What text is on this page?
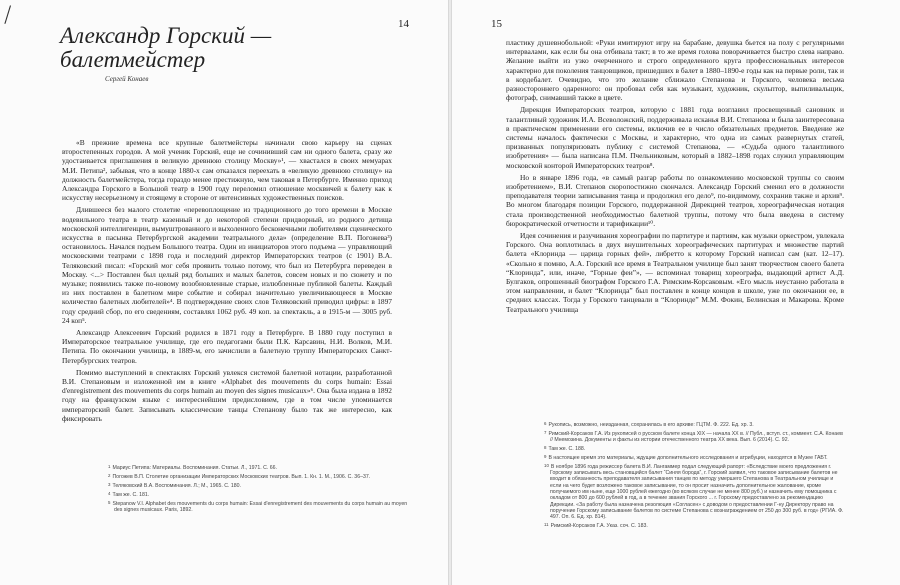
/	14
Александр Горский —
балетмейстер
Сергей Конаев

«В прежние времена все крупные балетмейстеры начинали свою карьеру на сценах второстепенных городов. А мой ученик Горский, еще не сочинивший сам ни одного балета, сразу же удостаивается приглашения в великую древнюю столицу Москву»¹, — хвастался в своих мемуарах М.И. Петипа², забывая, что в конце 1880-х сам отказался переехать в «великую древнюю столицу» на должность балетмейстера, тогда гораздо менее престижную, чем таковая в Петербурге. Именно приход Александра Горского в Большой театр в 1900 году переломил отношение москвичей к балету как к искусству несерьезному и стоящему в стороне от интенсивных художественных поисков.

Длившееся без малого столетие «перевоплощение из традиционного до того времени в Москве водевильного театра в театр казенный и до некоторой степени придворный, из родного детища московской интеллигенции, вымуштрованного и выхоленного бесконечными любителями сценического искусства в пасынка Петербургской академии театрального дела» (определение В.П. Погожева³) остановилось. Начался подъем Большого театра. Один из инициаторов этого подъема — управляющий московскими театрами с 1898 года и последний директор Императорских театров (с 1901) В.А. Теляковский писал: «Горский мог себя проявить только потому, что был из Петербурга переведен в Москву. <...> Поставлен был целый ряд больших и малых балетов, совсем новых и по сюжету и по музыке; появились также по-новому возобновленные старые, излюбленные публикой балеты. Каждый из них поставлен в балетном мире событие и собирал значительно увеличивающееся в Москве количество балетных любителей»⁴. В подтверждение своих слов Теляковский приводил цифры: в 1897 году средний сбор, по его сведениям, составлял 1062 руб. 49 коп. за спектакль, а в 1915-м — 3005 руб. 24 коп⁵.

Александр Алексеевич Горский родился в 1871 году в Петербурге. В 1880 году поступил в Императорское театральное училище, где его педагогами были П.К. Карсавин, Н.И. Волков, М.И. Петипа. По окончании училища, в 1889-м, его зачислили в балетную труппу Императорских Санкт-Петербургских театров.

Помимо выступлений в спектаклях Горский увлекся системой балетной нотации, разработанной В.И. Степановым и изложенной им в книге «Alphabet des mouvements du corps humain: Essai d'enregistrement des mouvements du corps humain au moyen des signes musicaux»⁶. Она была издана в 1892 году на французском языке с интереснейшим предисловием, где в том числе упоминается императорский балет. Записывать классические танцы Степанову было так же интересно, как фиксировать

1 Мариус Петипа: Материалы. Воспоминания. Статьи. Л., 1971. С. 66.
2 Погожев В.П. Столетие организации Императорских Московских театров. Вып. 1. Кн. 1. М., 1906. С. 36–37.
3 Теляковский В.А. Воспоминания. Л.; М., 1965. С. 180.
4 Там же. С. 181.
5 Stepanow V.I. Alphabet des mouvements du corps humain: Essai d'enregistrement des mouvements du corps humain au moyen des signes musicaux. Paris, 1892.
15

пластику душевнобольной: «Руки имитируют игру на барабане, девушка бьется на полу с регулярными интервалами, как если бы она отбивала такт; в то же время голова поворачивается быстро слева направо. Желание выйти из узко очерченного и строго определенного круга профессиональных интересов характерно для поколения танцовщиков, пришедших в балет в 1880–1890-е годы как на первые роли, так и в кордебалет. Очевидно, что это желание сближало Степанова и Горского, человека весьма разностороннего одаренного: он пробовал себя как музыкант, художник, скульптор, выпиливальщик, фотограф, снимавший также в цвете.

Дирекция Императорских театров, которую с 1881 года возглавил просвещенный сановник и талантливый художник И.А. Всеволожский, поддерживала исканья В.И. Степанова и была заинтересована в практическом применении его системы, включив ее в число обязательных предметов. Введение же системы началось фактически с Москвы, и характерно, что одна из самых развернутых статей, призванных популяризовать публику с системой Степанова, — «Судьба одного талантливого изобретения» — была написана П.М. Пчельниковым, который в 1882–1898 годах служил управляющим московской конторой Императорских театров⁸.

Но в январе 1896 года, «в самый разгар работы по ознакомлению московской труппы со своим изобретением», В.И. Степанов скоропостижно скончался. Александр Горский сменил его в должности преподавателя теории записывания танца и продолжил его дело⁹, по-видимому, сохранив также и архив⁹. Во многом благодаря позиции Горского, поддержанной Дирекцией театров, хореографическая нотация стала производственной необходимостью балетной труппы, потому что была введена в систему бюрократической отчетности и тарификации¹⁰.

Идея сочинения и разучивания хореографии по партитуре и партиям, как музыки оркестром, увлекала Горского. Она воплотилась в двух внушительных хореографических партитурах и множестве партий балета «Клоринда — царица горных фей», либретто к которому Горский написал сам (кат. 12–17). «Скольно я помню, А.А. Горский все время в Театральном училище был занят творчеством своего балета “Клоринда”, или, иначе, “Горные феи”», — вспоминал товарищ хореографа, выдающий артист А.Д. Булгаков, опрошенный биографом Горского Г.А. Римским-Корсаковым. «Его мысль неустанно работала в этом направлении, и балет “Клоринда” был поставлен в конце концов в школе, уже по окончании ее, в средних классах. Тогда у Горского танцевали в “Клоринде” М.М. Фокин, Белинская и Макарова. Кроме Театрального училища

6 Рукопись, возможно, неизданная, сохранилась в его архиве: ГЦТМ. Ф. 222. Ед. хр. 3.
7 Римский-Корсаков Г.А. Из рукописей о русском балете конца XIX — начала XX в. // Публ., вступ. ст., коммент. С.А. Конаев // Мнемозина. Документы и факты из истории отечественного театра XX века. Вып. 6 (2014). С. 92.
8 Там же. С. 188.
9 В настоящее время это материалы, ждущие дополнительного исследования и атрибуции, находятся в Музее ГАБТ.
10 В ноябре 1896 года режиссер балета В.И. Лангаммер подал следующий рапорт: «Вследствие моего предложения г. Горскому записывать весь становщийся балет “Синяя борода”, г. Горский заявил, что таковое записывание балетов не входит в обязанность преподавателя записывания танцев по методу умершего Степанова в Театральном училище и если на чего будет возложено таковое записывание, то он просит назначить дополнительное жалование, кроме получаемого им ныне, еще 1000 рублей ежегодно (во всяком случае не менее 800 руб.) и назначить ему помощника с окладом от 800 до 600 рублей в год, а в течение звания Горского ... г. Горскому предоставлено за рекомендацию Дирекции. «За работу была назначена резолюция «Согласен» с доводом о предоставлении Г-ну Директору право на поручение Горскому записывание балетов по системе Степанова с вознаграждением от 250 до 300 руб. в год» (РГИА. Ф. 497. Оп. 6. Ед. хр. 814).
11 Римский-Корсаков Г.А. Указ. соч. С. 183.
